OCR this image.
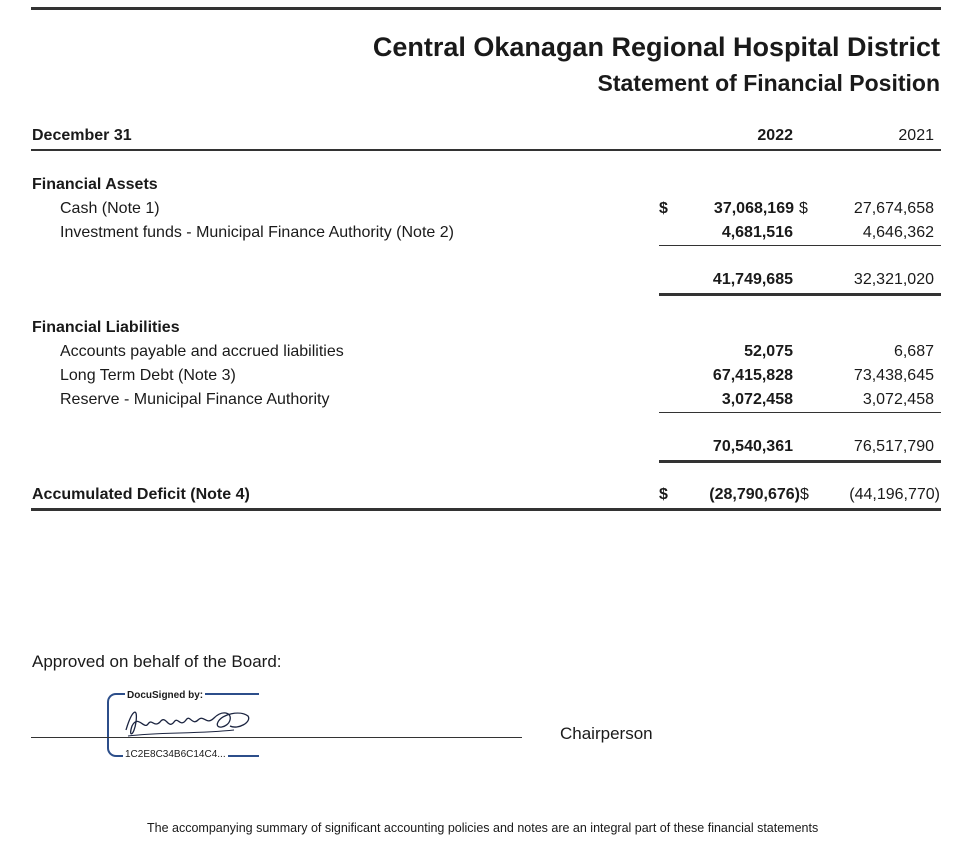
Central Okanagan Regional Hospital District
Statement of Financial Position
December 31	2022	2021
Financial Assets
Cash (Note 1)	$	37,068,169 $	27,674,658
Investment funds - Municipal Finance Authority (Note 2)	4,681,516	4,646,362
41,749,685	32,321,020
Financial Liabilities
Accounts payable and accrued liabilities	52,075	6,687
Long Term Debt (Note 3)	67,415,828	73,438,645
Reserve - Municipal Finance Authority	3,072,458	3,072,458
70,540,361	76,517,790
Accumulated Deficit (Note 4)	$	(28,790,676) $	(44,196,770)
Approved on behalf of the Board:
DocuSigned by:
1C2E8C34B6C14C4...
Chairperson
The accompanying summary of significant accounting policies and notes are an integral part of these financial statements
